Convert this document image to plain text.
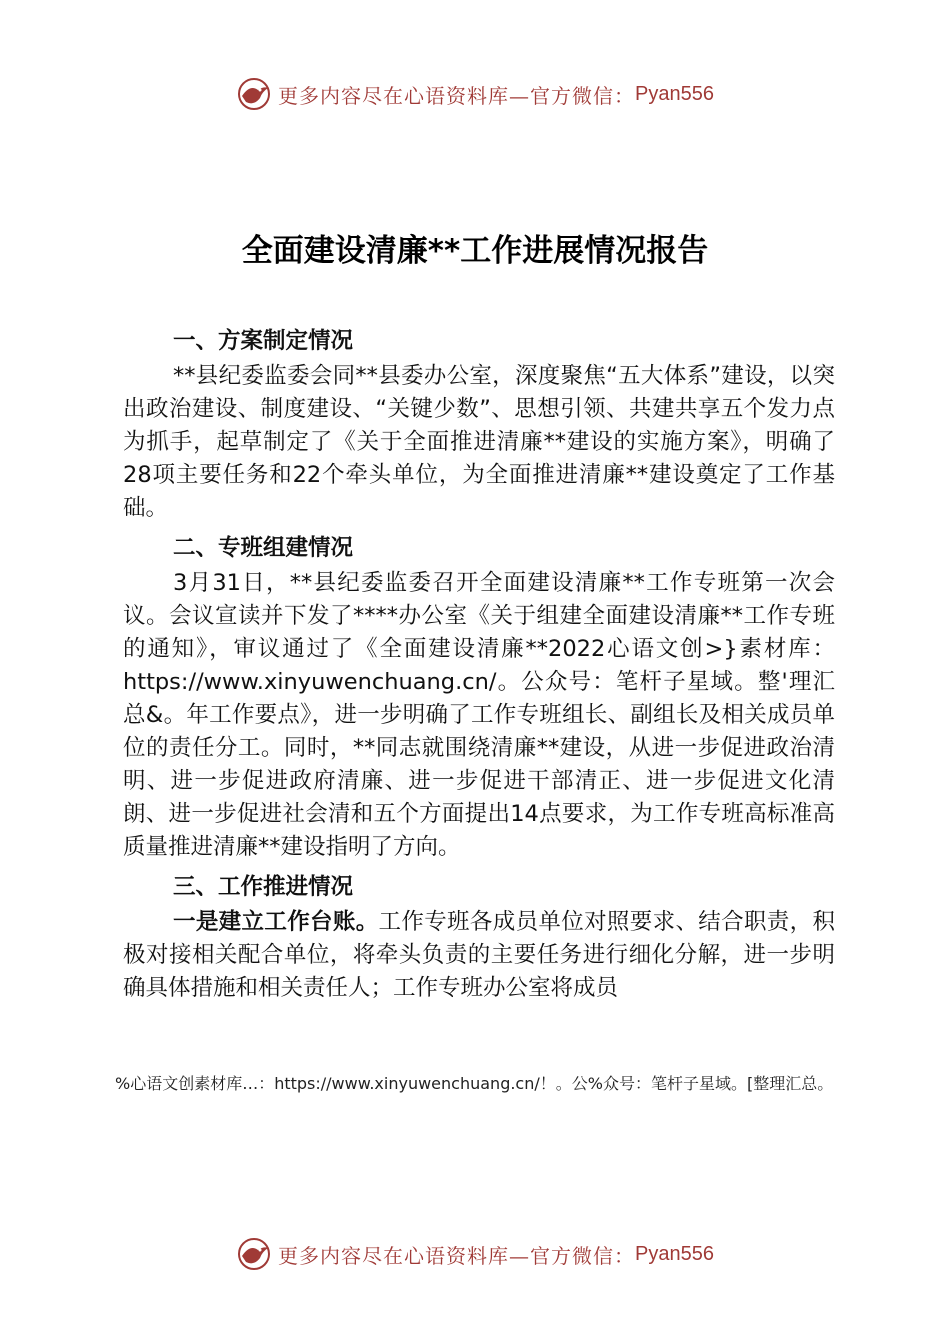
更多内容尽在心语资料库—官方微信： Pyan556
全面建设清廉**工作进展情况报告
一、方案制定情况
**县纪委监委会同**县委办公室，深度聚焦“五大体系”建设，以突出政治建设、制度建设、“关键少数”、思想引领、共建共享五个发力点为抓手，起草制定了《关于全面推进清廉**建设的实施方案》，明确了28项主要任务和22个牵头单位，为全面推进清廉**建设奠定了工作基础。
二、专班组建情况
3月31日，**县纪委监委召开全面建设清廉**工作专班第一次会议。会议宣读并下发了****办公室《关于组建全面建设清廉**工作专班的通知》，审议通过了《全面建设清廉**2022心语文创>}素材库：https://www.xinyuwenchuang.cn/。公众号：笔杆子星域。整'理汇总&。年工作要点》，进一步明确了工作专班组长、副组长及相关成员单位的责任分工。同时，**同志就围绕清廉**建设，从进一步促进政治清明、进一步促进政府清廉、进一步促进干部清正、进一步促进文化清朗、进一步促进社会清和五个方面提出14点要求，为工作专班高标准高质量推进清廉**建设指明了方向。
三、工作推进情况
一是建立工作台账。工作专班各成员单位对照要求、结合职责，积极对接相关配合单位，将牵头负责的主要任务进行细化分解，进一步明确具体措施和相关责任人；工作专班办公室将成员
%心语文创素材库…：https://www.xinyuwenchuang.cn/！。公%众号：笔杆子星域。[整理汇总。
更多内容尽在心语资料库—官方微信： Pyan556
